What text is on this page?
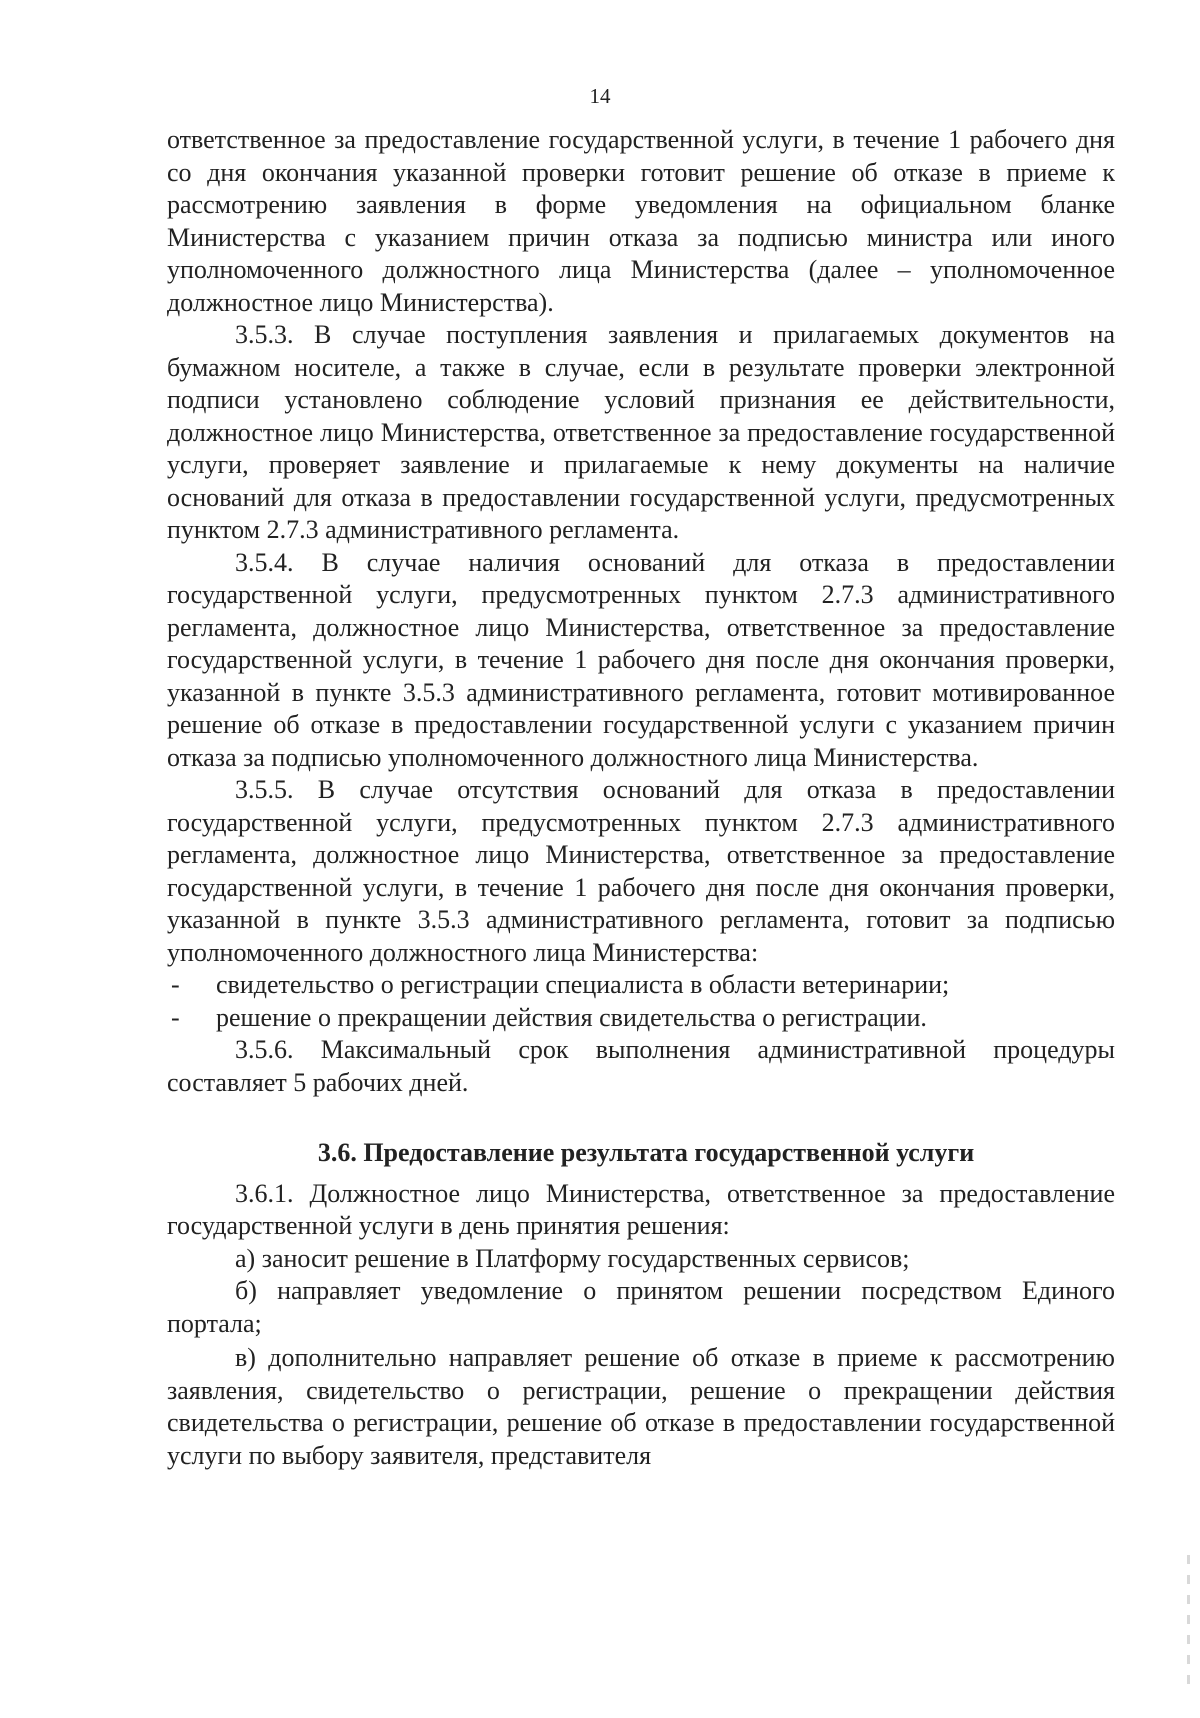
14

ответственное за предоставление государственной услуги, в течение 1 рабочего дня со дня окончания указанной проверки готовит решение об отказе в приеме к рассмотрению заявления в форме уведомления на официальном бланке Министерства с указанием причин отказа за подписью министра или иного уполномоченного должностного лица Министерства (далее – уполномоченное должностное лицо Министерства).

3.5.3. В случае поступления заявления и прилагаемых документов на бумажном носителе, а также в случае, если в результате проверки электронной подписи установлено соблюдение условий признания ее действительности, должностное лицо Министерства, ответственное за предоставление государственной услуги, проверяет заявление и прилагаемые к нему документы на наличие оснований для отказа в предоставлении государственной услуги, предусмотренных пунктом 2.7.3 административного регламента.

3.5.4. В случае наличия оснований для отказа в предоставлении государственной услуги, предусмотренных пунктом 2.7.3 административного регламента, должностное лицо Министерства, ответственное за предоставление государственной услуги, в течение 1 рабочего дня после дня окончания проверки, указанной в пункте 3.5.3 административного регламента, готовит мотивированное решение об отказе в предоставлении государственной услуги с указанием причин отказа за подписью уполномоченного должностного лица Министерства.

3.5.5. В случае отсутствия оснований для отказа в предоставлении государственной услуги, предусмотренных пунктом 2.7.3 административного регламента, должностное лицо Министерства, ответственное за предоставление государственной услуги, в течение 1 рабочего дня после дня окончания проверки, указанной в пункте 3.5.3 административного регламента, готовит за подписью уполномоченного должностного лица Министерства:

-	свидетельство о регистрации специалиста в области ветеринарии;
-	решение о прекращении действия свидетельства о регистрации.

3.5.6. Максимальный срок выполнения административной процедуры составляет 5 рабочих дней.

3.6. Предоставление результата государственной услуги

3.6.1. Должностное лицо Министерства, ответственное за предоставление государственной услуги в день принятия решения:

а) заносит решение в Платформу государственных сервисов;

б) направляет уведомление о принятом решении посредством Единого портала;

в) дополнительно направляет решение об отказе в приеме к рассмотрению заявления, свидетельство о регистрации, решение о прекращении действия свидетельства о регистрации, решение об отказе в предоставлении государственной услуги по выбору заявителя, представителя
